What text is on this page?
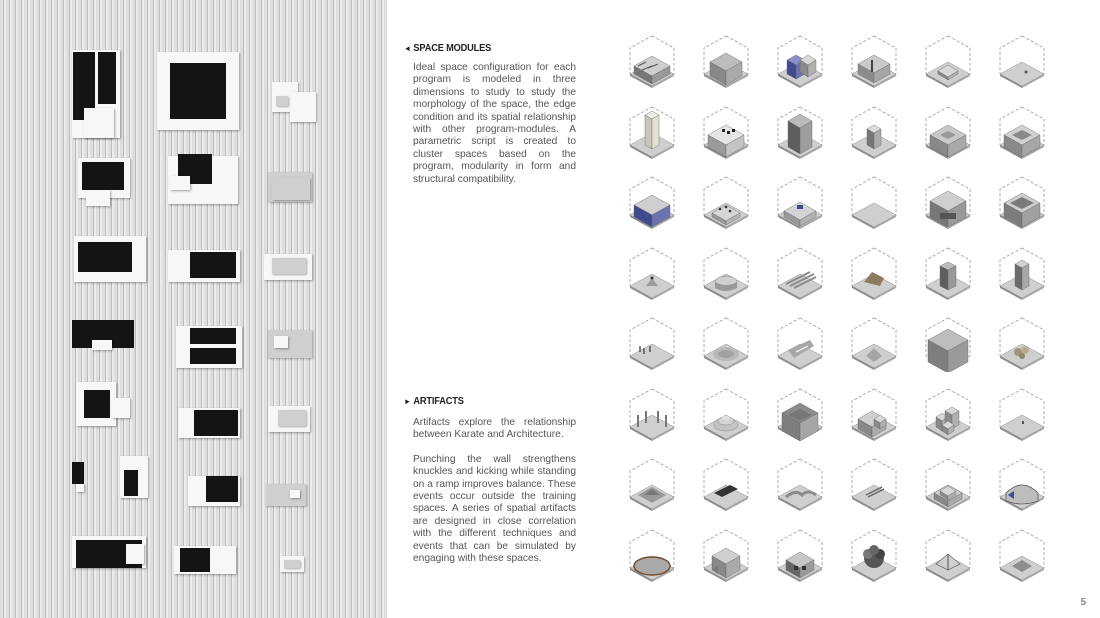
◄ SPACE MODULES

Ideal space configuration for each program is modeled in three dimensions to study to study the morphology of the space, the edge condition and its spatial relationship with other program-modules. A parametric script is created to cluster spaces based on the program, modularity in form and structural compatibility.

► ARTIFACTS

Artifacts explore the relationship between Karate and Architecture.

Punching the wall strengthens knuckles and kicking while standing on a ramp improves balance. These events occur outside the training spaces. A series of spatial artifacts are designed in close correlation with the different techniques and events that can be simulated by engaging with these spaces.

5
